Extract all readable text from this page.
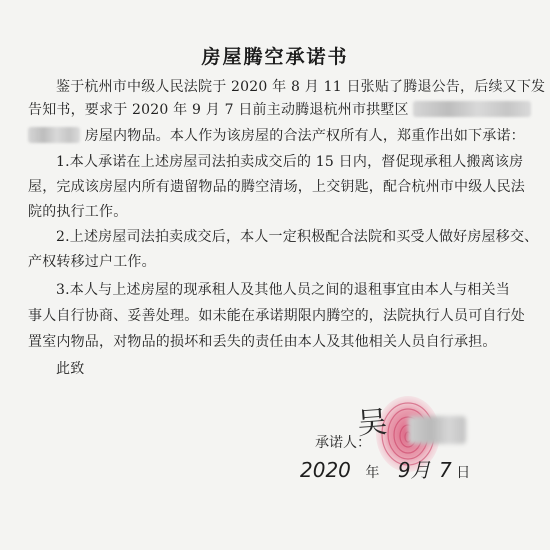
房屋腾空承诺书
鉴于杭州市中级人民法院于 2020 年 8 月 11 日张贴了腾退公告，后续又下发
告知书，要求于 2020 年 9 月 7 日前主动腾退杭州市拱墅区
房屋内物品。本人作为该房屋的合法产权所有人，郑重作出如下承诺：
1.本人承诺在上述房屋司法拍卖成交后的 15 日内，督促现承租人搬离该房
屋，完成该房屋内所有遗留物品的腾空清场，上交钥匙，配合杭州市中级人民法
院的执行工作。
2.上述房屋司法拍卖成交后，本人一定积极配合法院和买受人做好房屋移交、
产权转移过户工作。
3.本人与上述房屋的现承租人及其他人员之间的退租事宜由本人与相关当
事人自行协商、妥善处理。如未能在承诺期限内腾空的，法院执行人员可自行处
置室内物品，对物品的损坏和丢失的责任由本人及其他相关人员自行承担。
此致
承诺人：
吴
2020 年 9月 7 日
